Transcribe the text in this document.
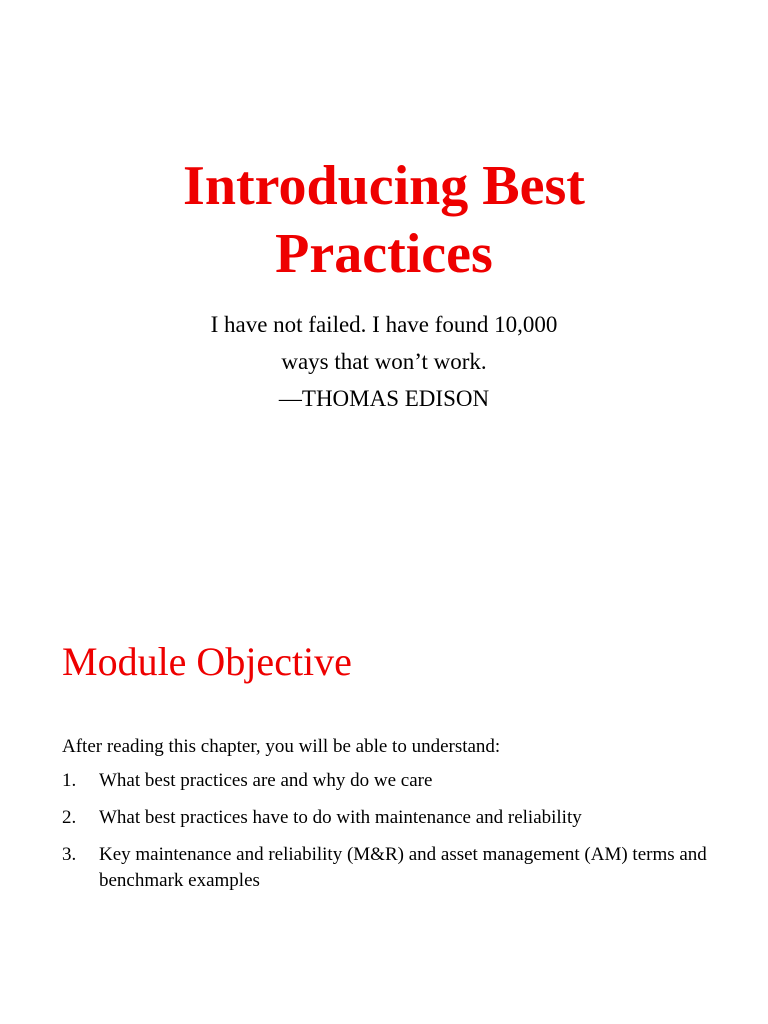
Introducing Best
Practices
I have not failed. I have found 10,000
ways that won’t work.
—THOMAS EDISON
Module Objective

After reading this chapter, you will be able to understand:

1. What best practices are and why do we care
2. What best practices have to do with maintenance and reliability
3. Key maintenance and reliability (M&R) and asset management (AM) terms and benchmark examples
